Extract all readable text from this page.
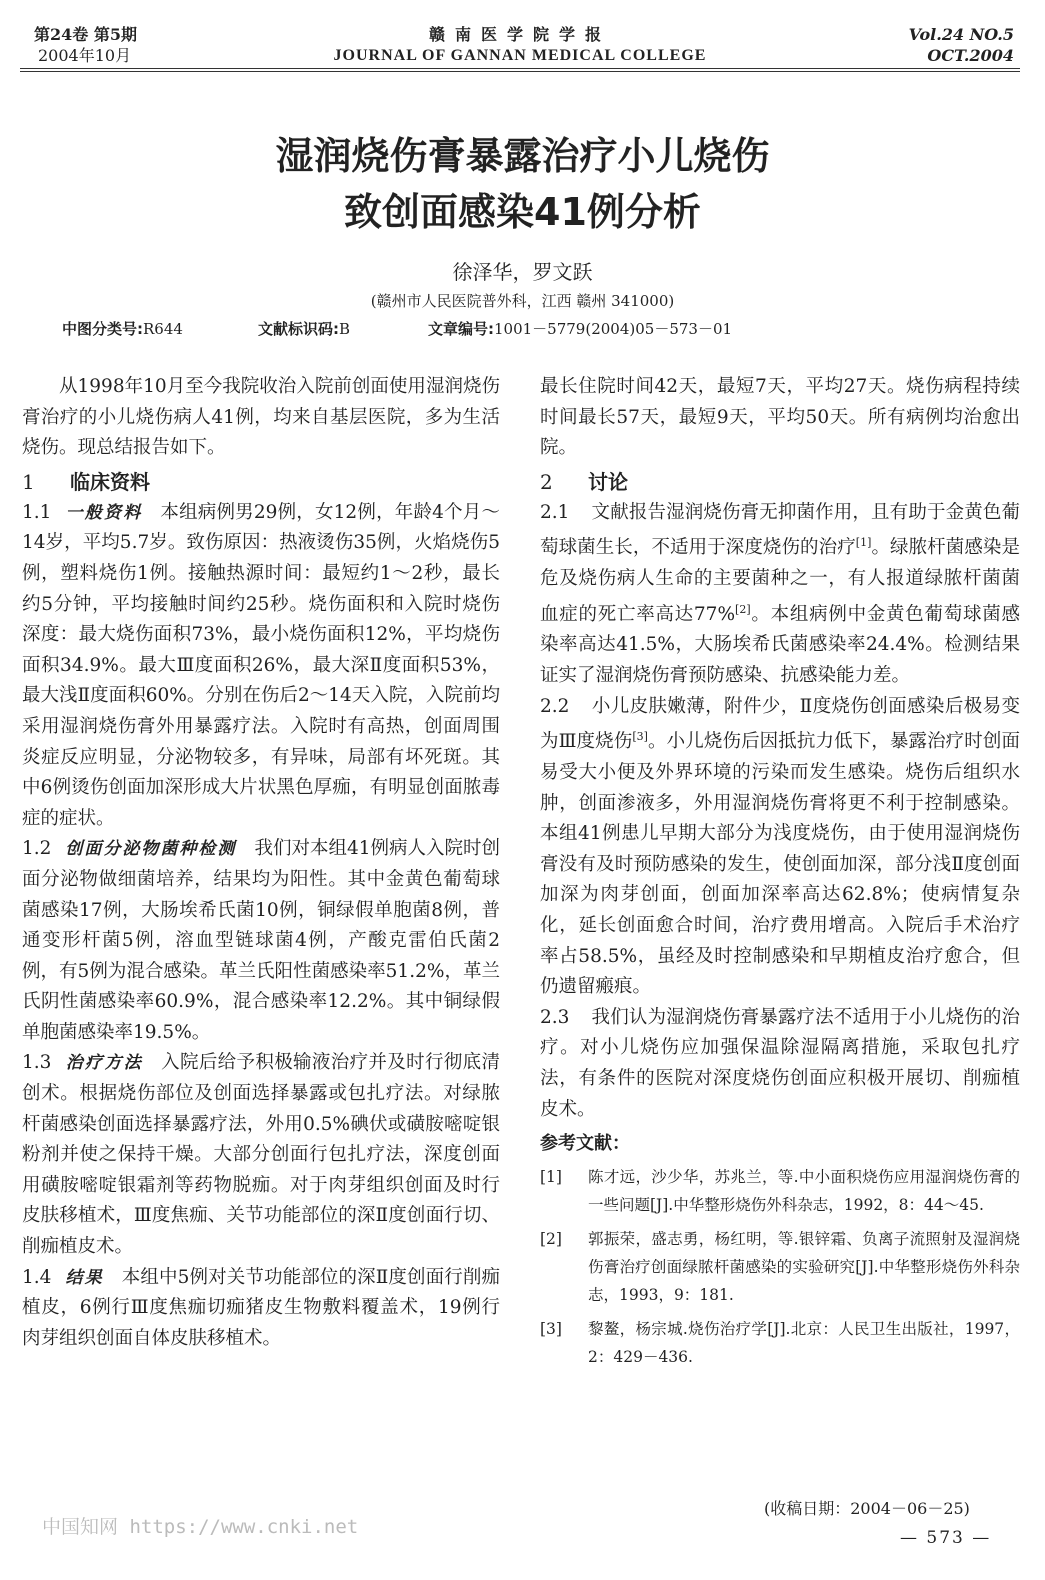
第24卷 第5期
2004年10月
赣南医学院学报
JOURNAL OF GANNAN MEDICAL COLLEGE
Vol.24 NO.5
OCT.2004
湿润烧伤膏暴露治疗小儿烧伤
致创面感染41例分析
徐泽华，罗文跃
(赣州市人民医院普外科，江西 赣州 341000)
中图分类号:R644	文献标识码:B	文章编号:1001－5779(2004)05－573－01

从1998年10月至今我院收治入院前创面使用湿润烧伤膏治疗的小儿烧伤病人41例，均来自基层医院，多为生活烧伤。现总结报告如下。

1 临床资料

1.1 一般资料 本组病例男29例，女12例，年龄4个月～14岁，平均5.7岁。致伤原因：热液烫伤35例，火焰烧伤5例，塑料烧伤1例。接触热源时间：最短约1～2秒，最长约5分钟，平均接触时间约25秒。烧伤面积和入院时烧伤深度：最大烧伤面积73%，最小烧伤面积12%，平均烧伤面积34.9%。最大Ⅲ度面积26%，最大深Ⅱ度面积53%，最大浅Ⅱ度面积60%。分别在伤后2～14天入院，入院前均采用湿润烧伤膏外用暴露疗法。入院时有高热，创面周围炎症反应明显，分泌物较多，有异味，局部有坏死斑。其中6例烫伤创面加深形成大片状黑色厚痂，有明显创面脓毒症的症状。

1.2 创面分泌物菌种检测 我们对本组41例病人入院时创面分泌物做细菌培养，结果均为阳性。其中金黄色葡萄球菌感染17例，大肠埃希氏菌10例，铜绿假单胞菌8例，普通变形杆菌5例，溶血型链球菌4例，产酸克雷伯氏菌2例，有5例为混合感染。革兰氏阳性菌感染率51.2%，革兰氏阴性菌感染率60.9%，混合感染率12.2%。其中铜绿假单胞菌感染率19.5%。

1.3 治疗方法 入院后给予积极输液治疗并及时行彻底清创术。根据烧伤部位及创面选择暴露或包扎疗法。对绿脓杆菌感染创面选择暴露疗法，外用0.5%碘伏或磺胺嘧啶银粉剂并使之保持干燥。大部分创面行包扎疗法，深度创面用磺胺嘧啶银霜剂等药物脱痂。对于肉芽组织创面及时行皮肤移植术，Ⅲ度焦痂、关节功能部位的深Ⅱ度创面行切、削痂植皮术。

1.4 结果 本组中5例对关节功能部位的深Ⅱ度创面行削痂植皮，6例行Ⅲ度焦痂切痂猪皮生物敷料覆盖术，19例行肉芽组织创面自体皮肤移植术。

最长住院时间42天，最短7天，平均27天。烧伤病程持续时间最长57天，最短9天，平均50天。所有病例均治愈出院。

2 讨论

2.1 文献报告湿润烧伤膏无抑菌作用，且有助于金黄色葡萄球菌生长，不适用于深度烧伤的治疗[1]。绿脓杆菌感染是危及烧伤病人生命的主要菌种之一，有人报道绿脓杆菌菌血症的死亡率高达77%[2]。本组病例中金黄色葡萄球菌感染率高达41.5%，大肠埃希氏菌感染率24.4%。检测结果证实了湿润烧伤膏预防感染、抗感染能力差。

2.2 小儿皮肤嫩薄，附件少，Ⅱ度烧伤创面感染后极易变为Ⅲ度烧伤[3]。小儿烧伤后因抵抗力低下，暴露治疗时创面易受大小便及外界环境的污染而发生感染。烧伤后组织水肿，创面渗液多，外用湿润烧伤膏将更不利于控制感染。本组41例患儿早期大部分为浅度烧伤，由于使用湿润烧伤膏没有及时预防感染的发生，使创面加深，部分浅Ⅱ度创面加深为肉芽创面，创面加深率高达62.8%；使病情复杂化，延长创面愈合时间，治疗费用增高。入院后手术治疗率占58.5%，虽经及时控制感染和早期植皮治疗愈合，但仍遗留瘢痕。

2.3 我们认为湿润烧伤膏暴露疗法不适用于小儿烧伤的治疗。对小儿烧伤应加强保温除湿隔离措施，采取包扎疗法，有条件的医院对深度烧伤创面应积极开展切、削痂植皮术。

参考文献：
[1] 陈才远，沙少华，苏兆兰，等.中小面积烧伤应用湿润烧伤膏的一些问题[J].中华整形烧伤外科杂志，1992，8：44～45.
[2] 郭振荣，盛志勇，杨红明，等.银锌霜、负离子流照射及湿润烧伤膏治疗创面绿脓杆菌感染的实验研究[J].中华整形烧伤外科杂志，1993，9：181.
[3] 黎鳌，杨宗城.烧伤治疗学[J].北京：人民卫生出版社，1997，2：429－436.
(收稿日期：2004－06－25)
中国知网 https://www.cnki.net	— 573 —
